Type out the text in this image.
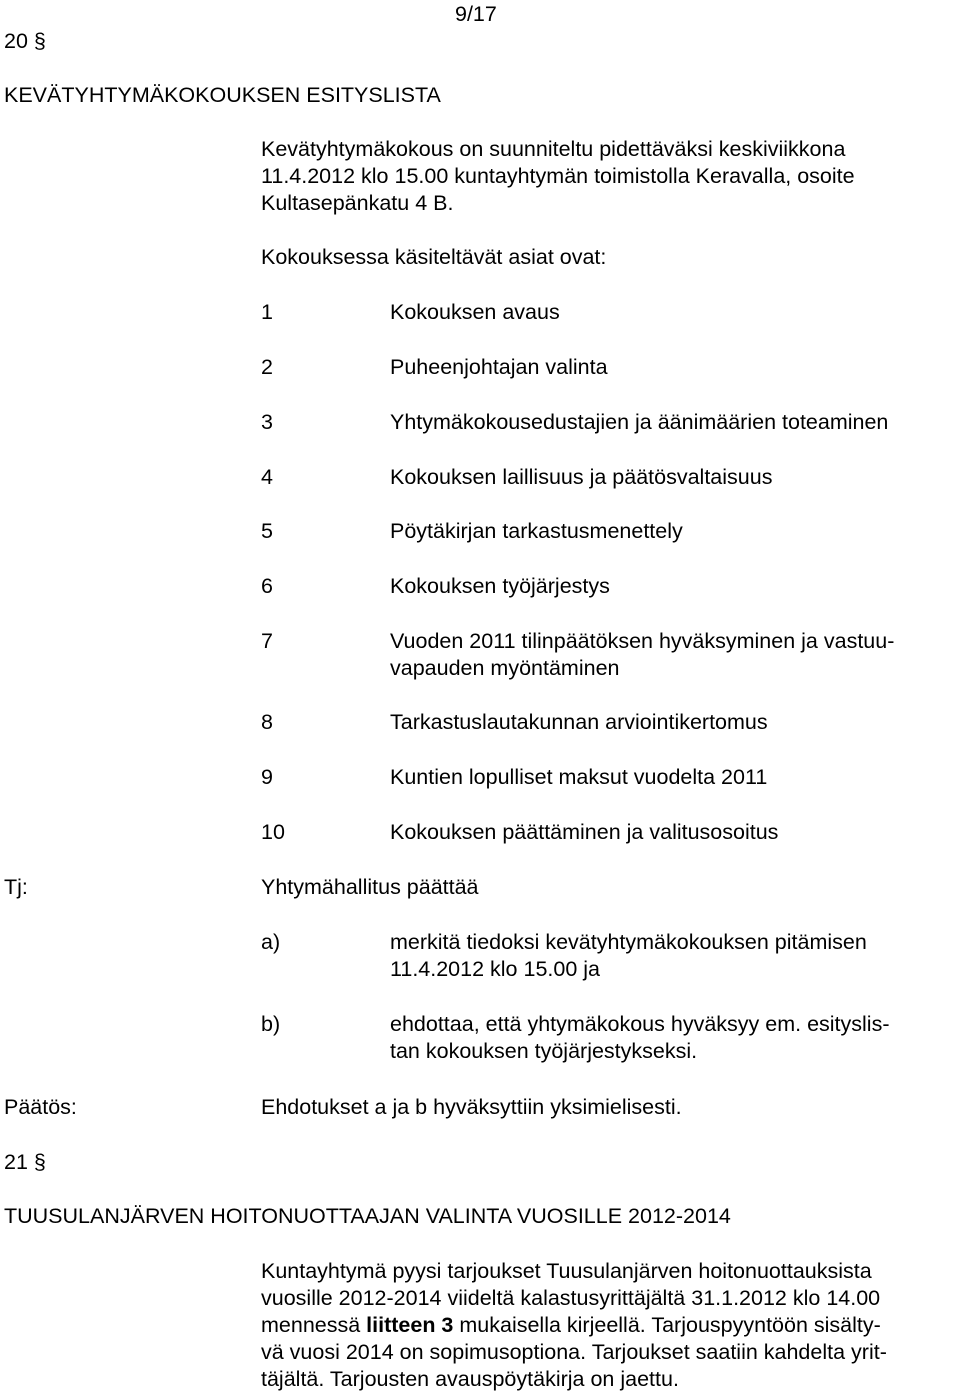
9/17
20 §
KEVÄTYHTYMÄKOKOUKSEN ESITYSLISTA
Kevätyhtymäkokous on suunniteltu pidettäväksi keskiviikkona
11.4.2012 klo 15.00 kuntayhtymän toimistolla Keravalla, osoite
Kultasepänkatu 4 B.
Kokouksessa käsiteltävät asiat ovat:
1	Kokouksen avaus
2	Puheenjohtajan valinta
3	Yhtymäkokousedustajien ja äänimäärien toteaminen
4	Kokouksen laillisuus ja päätösvaltaisuus
5	Pöytäkirjan tarkastusmenettely
6	Kokouksen työjärjestys
7	Vuoden 2011 tilinpäätöksen hyväksyminen ja vastuu-
vapauden myöntäminen
8	Tarkastuslautakunnan arviointikertomus
9	Kuntien lopulliset maksut vuodelta 2011
10	Kokouksen päättäminen ja valitusosoitus
Tj:	Yhtymähallitus päättää
a)	merkitä tiedoksi kevätyhtymäkokouksen pitämisen
11.4.2012 klo 15.00 ja
b)	ehdottaa, että yhtymäkokous hyväksyy em. esityslis-
tan kokouksen työjärjestykseksi.
Päätös:	Ehdotukset a ja b hyväksyttiin yksimielisesti.
21 §
TUUSULANJÄRVEN HOITONUOTTAAJAN VALINTA VUOSILLE 2012-2014
Kuntayhtymä pyysi tarjoukset Tuusulanjärven hoitonuottauksista
vuosille 2012-2014 viideltä kalastusyrittäjältä 31.1.2012 klo 14.00
mennessä liitteen 3 mukaisella kirjeellä. Tarjouspyyntöön sisälty-
vä vuosi 2014 on sopimusoptiona. Tarjoukset saatiin kahdelta yrit-
täjältä. Tarjousten avauspöytäkirja on jaettu.
